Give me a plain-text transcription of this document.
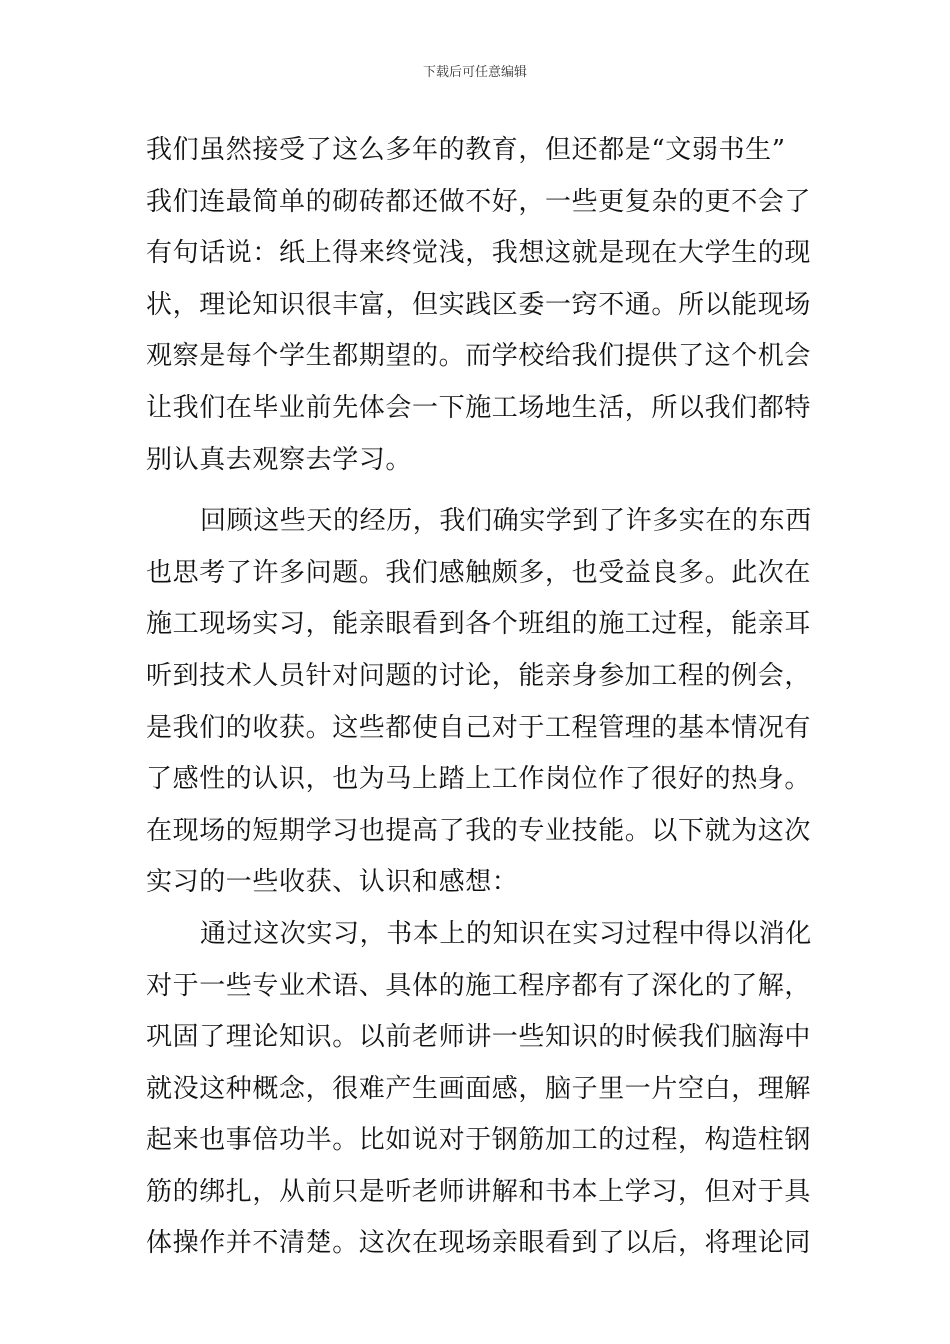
下载后可任意编辑
我们虽然接受了这么多年的教育，但还都是“文弱书生”
我们连最简单的砌砖都还做不好，一些更复杂的更不会了
有句话说：纸上得来终觉浅，我想这就是现在大学生的现
状，理论知识很丰富，但实践区委一窍不通。所以能现场
观察是每个学生都期望的。而学校给我们提供了这个机会
让我们在毕业前先体会一下施工场地生活，所以我们都特
别认真去观察去学习。
回顾这些天的经历，我们确实学到了许多实在的东西
也思考了许多问题。我们感触颇多，也受益良多。此次在
施工现场实习，能亲眼看到各个班组的施工过程，能亲耳
听到技术人员针对问题的讨论，能亲身参加工程的例会，
是我们的收获。这些都使自己对于工程管理的基本情况有
了感性的认识，也为马上踏上工作岗位作了很好的热身。
在现场的短期学习也提高了我的专业技能。以下就为这次
实习的一些收获、认识和感想：
通过这次实习，书本上的知识在实习过程中得以消化
对于一些专业术语、具体的施工程序都有了深化的了解，
巩固了理论知识。以前老师讲一些知识的时候我们脑海中
就没这种概念，很难产生画面感，脑子里一片空白，理解
起来也事倍功半。比如说对于钢筋加工的过程，构造柱钢
筋的绑扎，从前只是听老师讲解和书本上学习，但对于具
体操作并不清楚。这次在现场亲眼看到了以后，将理论同
